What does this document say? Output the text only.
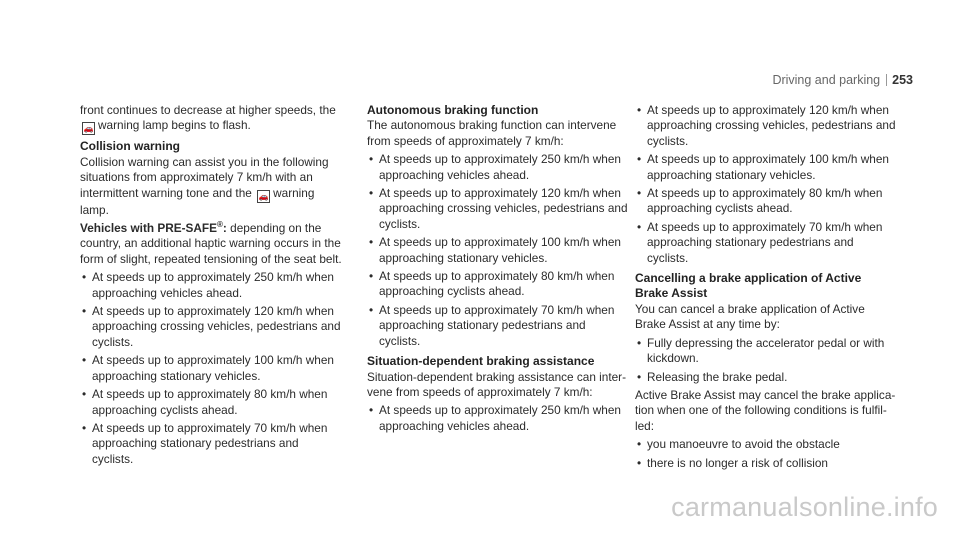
Driving and parking 253

front continues to decrease at higher speeds, the
🚗 warning lamp begins to flash.

Collision warning

Collision warning can assist you in the following situations from approximately 7 km/h with an intermittent warning tone and the 🚗 warning lamp.

Vehicles with PRE-SAFE®: depending on the country, an additional haptic warning occurs in the form of slight, repeated tensioning of the seat belt.

• At speeds up to approximately 250 km/h when approaching vehicles ahead.
• At speeds up to approximately 120 km/h when approaching crossing vehicles, pedestrians and cyclists.
• At speeds up to approximately 100 km/h when approaching stationary vehicles.
• At speeds up to approximately 80 km/h when approaching cyclists ahead.
• At speeds up to approximately 70 km/h when approaching stationary pedestrians and cyclists.

Autonomous braking function

The autonomous braking function can intervene from speeds of approximately 7 km/h:

• At speeds up to approximately 250 km/h when approaching vehicles ahead.
• At speeds up to approximately 120 km/h when approaching crossing vehicles, pedestrians and cyclists.
• At speeds up to approximately 100 km/h when approaching stationary vehicles.
• At speeds up to approximately 80 km/h when approaching cyclists ahead.
• At speeds up to approximately 70 km/h when approaching stationary pedestrians and cyclists.

Situation-dependent braking assistance

Situation-dependent braking assistance can intervene from speeds of approximately 7 km/h:

• At speeds up to approximately 250 km/h when approaching vehicles ahead.
• At speeds up to approximately 120 km/h when approaching crossing vehicles, pedestrians and cyclists.
• At speeds up to approximately 100 km/h when approaching stationary vehicles.
• At speeds up to approximately 80 km/h when approaching cyclists ahead.
• At speeds up to approximately 70 km/h when approaching stationary pedestrians and cyclists.

Cancelling a brake application of Active Brake Assist

You can cancel a brake application of Active Brake Assist at any time by:

• Fully depressing the accelerator pedal or with kickdown.
• Releasing the brake pedal.

Active Brake Assist may cancel the brake application when one of the following conditions is fulfilled:

• you manoeuvre to avoid the obstacle
• there is no longer a risk of collision
carmanualsonline.info
